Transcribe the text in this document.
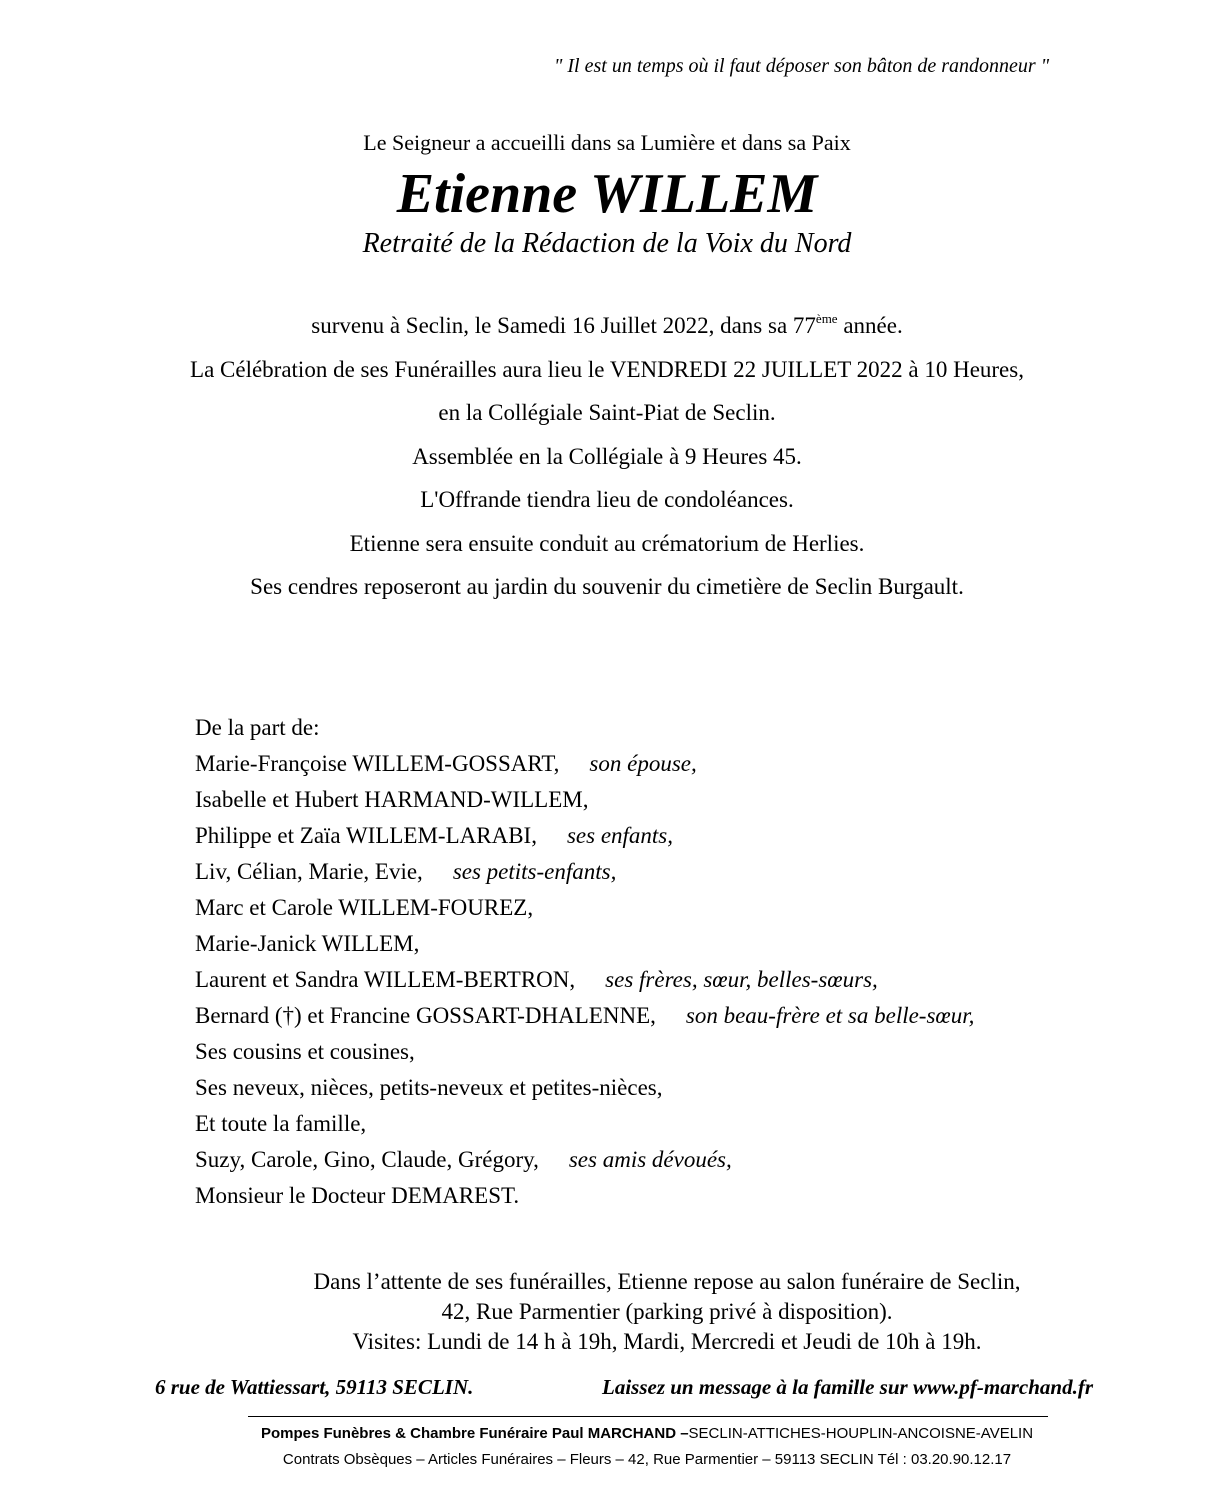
" Il est un temps où il faut déposer son bâton de randonneur "
Le Seigneur a accueilli dans sa Lumière et dans sa Paix
Etienne WILLEM
Retraité de la Rédaction de la Voix du Nord
survenu à Seclin, le Samedi 16 Juillet 2022, dans sa 77ème année.
La Célébration de ses Funérailles aura lieu le VENDREDI 22 JUILLET 2022 à 10 Heures,
en la Collégiale Saint-Piat de Seclin.
Assemblée en la Collégiale à 9 Heures 45.
L'Offrande tiendra lieu de condoléances.
Etienne sera ensuite conduit au crématorium de Herlies.
Ses cendres reposeront au jardin du souvenir du cimetière de Seclin Burgault.
De la part de:
Marie-Françoise WILLEM-GOSSART, son épouse,
Isabelle et Hubert HARMAND-WILLEM,
Philippe et Zaïa WILLEM-LARABI, ses enfants,
Liv, Célian, Marie, Evie, ses petits-enfants,
Marc et Carole WILLEM-FOUREZ,
Marie-Janick WILLEM,
Laurent et Sandra WILLEM-BERTRON, ses frères, sœur, belles-sœurs,
Bernard (†) et Francine GOSSART-DHALENNE, son beau-frère et sa belle-sœur,
Ses cousins et cousines,
Ses neveux, nièces, petits-neveux et petites-nièces,
Et toute la famille,
Suzy, Carole, Gino, Claude, Grégory, ses amis dévoués,
Monsieur le Docteur DEMAREST.
Dans l’attente de ses funérailles, Etienne repose au salon funéraire de Seclin,
42, Rue Parmentier (parking privé à disposition).
Visites: Lundi de 14 h à 19h, Mardi, Mercredi et Jeudi de 10h à 19h.
6 rue de Wattiessart, 59113 SECLIN.	Laissez un message à la famille sur www.pf-marchand.fr
Pompes Funèbres & Chambre Funéraire Paul MARCHAND –SECLIN-ATTICHES-HOUPLIN-ANCOISNE-AVELIN
Contrats Obsèques – Articles Funéraires – Fleurs – 42, Rue Parmentier – 59113 SECLIN Tél : 03.20.90.12.17
